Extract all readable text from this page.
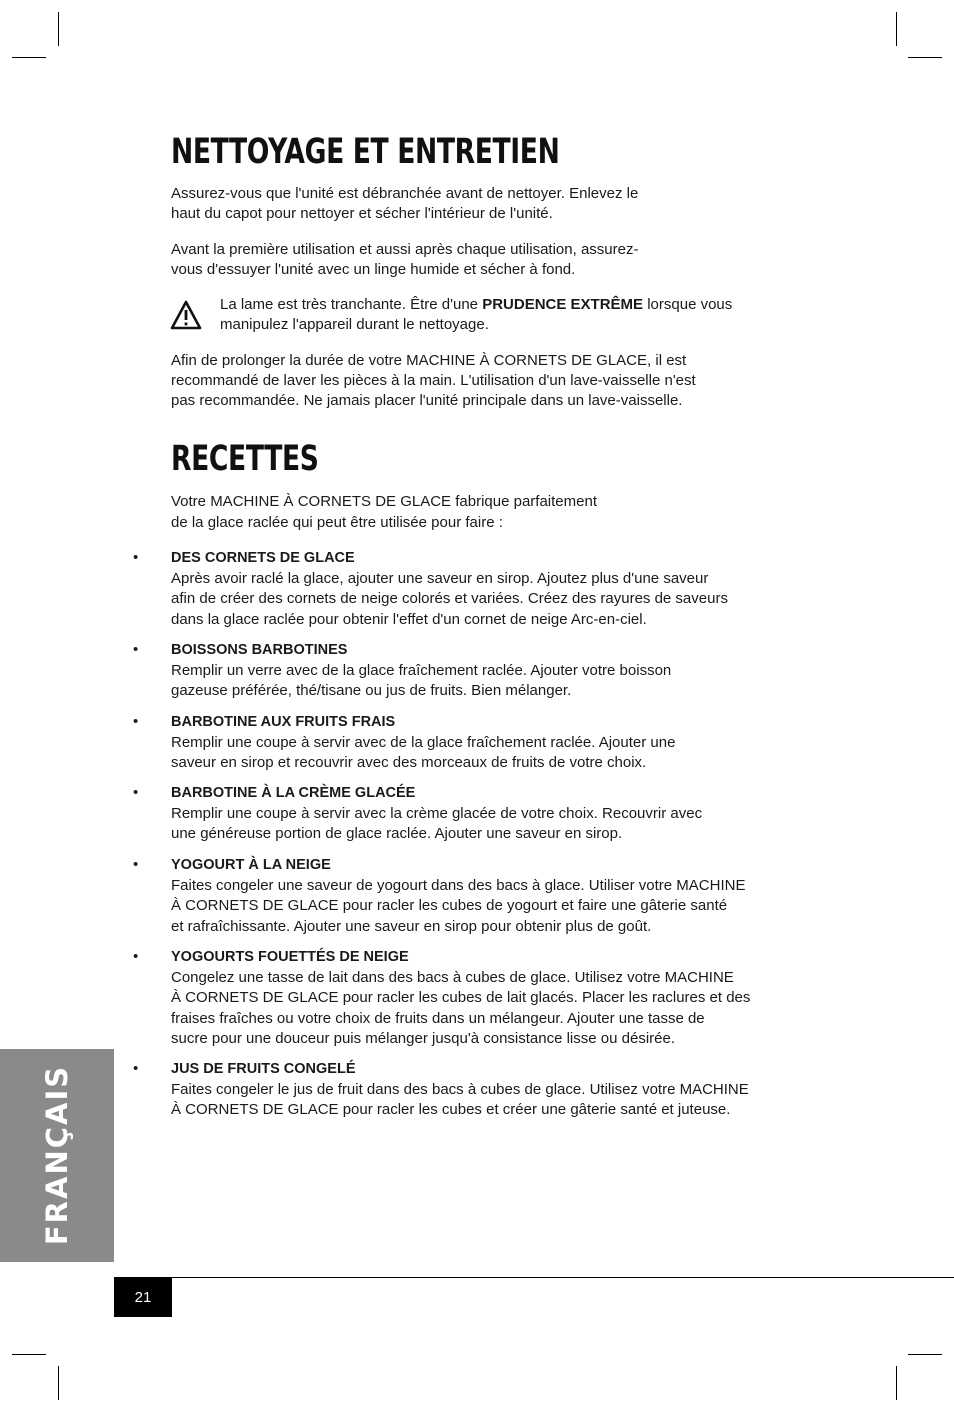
NETTOYAGE ET ENTRETIEN

Assurez-vous que l'unité est débranchée avant de nettoyer. Enlevez le

haut du capot pour nettoyer et sécher l'intérieur de l'unité.

Avant la première utilisation et aussi après chaque utilisation, assurez-

vous d'essuyer l'unité avec un linge humide et sécher à fond.

La lame est très tranchante. Être d'une PRUDENCE EXTRÊME lorsque vous

manipulez l'appareil durant le nettoyage.

Afin de prolonger la durée de votre MACHINE À CORNETS DE GLACE, il est

recommandé de laver les pièces à la main. L'utilisation d'un lave-vaisselle n'est

pas recommandée. Ne jamais placer l'unité principale dans un lave-vaisselle.

RECETTES

Votre MACHINE À CORNETS DE GLACE fabrique parfaitement

de la glace raclée qui peut être utilisée pour faire :

• DES CORNETS DE GLACE
Après avoir raclé la glace, ajouter une saveur en sirop. Ajoutez plus d'une saveur
afin de créer des cornets de neige colorés et variées. Créez des rayures de saveurs
dans la glace raclée pour obtenir l'effet d'un cornet de neige Arc-en-ciel.
• BOISSONS BARBOTINES
Remplir un verre avec de la glace fraîchement raclée. Ajouter votre boisson
gazeuse préférée, thé/tisane ou jus de fruits. Bien mélanger.
• BARBOTINE AUX FRUITS FRAIS
Remplir une coupe à servir avec de la glace fraîchement raclée. Ajouter une
saveur en sirop et recouvrir avec des morceaux de fruits de votre choix.
• BARBOTINE À LA CRÈME GLACÉE
Remplir une coupe à servir avec la crème glacée de votre choix. Recouvrir avec
une généreuse portion de glace raclée. Ajouter une saveur en sirop.
• YOGOURT À LA NEIGE
Faites congeler une saveur de yogourt dans des bacs à glace. Utiliser votre MACHINE
À CORNETS DE GLACE pour racler les cubes de yogourt et faire une gâterie santé
et rafraîchissante. Ajouter une saveur en sirop pour obtenir plus de goût.
• YOGOURTS FOUETTÉS DE NEIGE
Congelez une tasse de lait dans des bacs à cubes de glace. Utilisez votre MACHINE
À CORNETS DE GLACE pour racler les cubes de lait glacés. Placer les raclures et des
fraises fraîches ou votre choix de fruits dans un mélangeur. Ajouter une tasse de
sucre pour une douceur puis mélanger jusqu'à consistance lisse ou désirée.
• JUS DE FRUITS CONGELÉ
Faites congeler le jus de fruit dans des bacs à cubes de glace. Utilisez votre MACHINE
À CORNETS DE GLACE pour racler les cubes et créer une gâterie santé et juteuse.
FRANÇAIS
21
